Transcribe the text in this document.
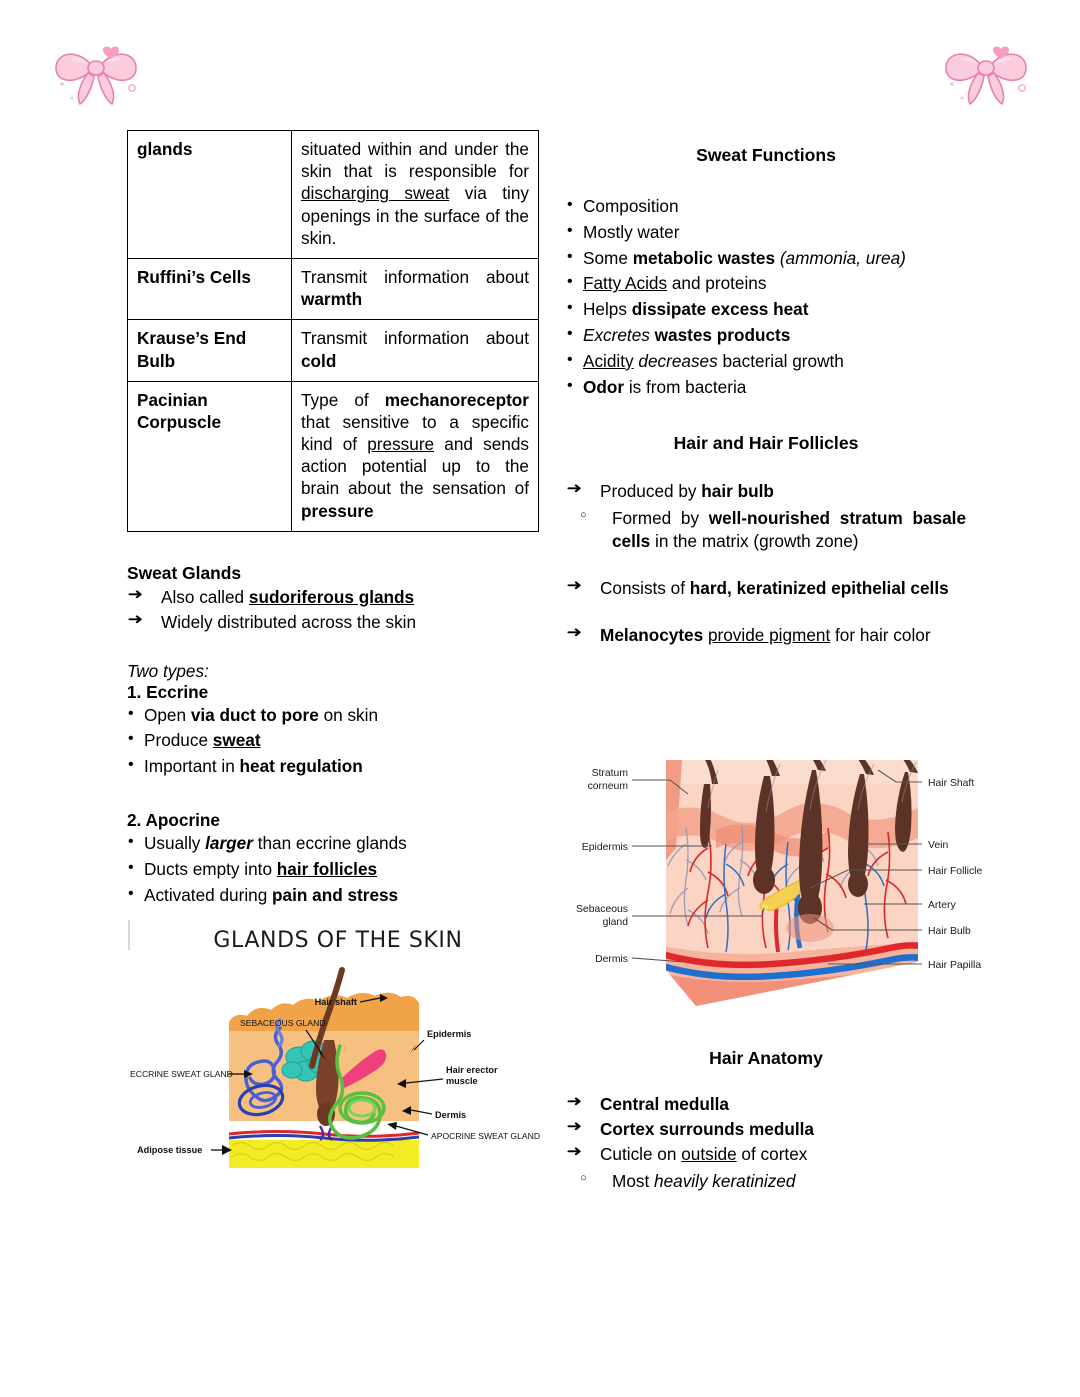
glands	situated within and under the skin that is responsible for discharging sweat via tiny openings in the surface of the skin.
Ruffini’s Cells	Transmit information about warmth
Krause’s End Bulb	Transmit information about cold
Pacinian Corpuscle	Type of mechanoreceptor that sensitive to a specific kind of pressure and sends action potential up to the brain about the sensation of pressure

Sweat Glands

➜ Also called sudoriferous glands
➜ Widely distributed across the skin

Two types:

1. Eccrine

• Open via duct to pore on skin
• Produce sweat
• Important in heat regulation

2. Apocrine

• Usually larger than eccrine glands
• Ducts empty into hair follicles
• Activated during pain and stress

Sweat Functions

• Composition
• Mostly water
• Some metabolic wastes (ammonia, urea)
• Fatty Acids and proteins
• Helps dissipate excess heat
• Excretes wastes products
• Acidity decreases bacterial growth
• Odor is from bacteria

Hair and Hair Follicles

➜ Produced by hair bulb
○ Formed by well-nourished stratum basale cells in the matrix (growth zone)
➜ Consists of hard, keratinized epithelial cells
➜ Melanocytes provide pigment for hair color

Hair Anatomy

➜ Central medulla
➜ Cortex surrounds medulla
➜ Cuticle on outside of cortex
○ Most heavily keratinized
GLANDS OF THE SKIN
Hair shaft
SEBACEOUS GLAND
Epidermis
ECCRINE SWEAT GLAND	Hair erector
muscle
Dermis
APOCRINE SWEAT GLAND
Adipose tissue
Stratum
corneum
Epidermis
Sebaceous
gland
Dermis
Hair Shaft
Vein
Hair Follicle
Artery
Hair Bulb
Hair Papilla
